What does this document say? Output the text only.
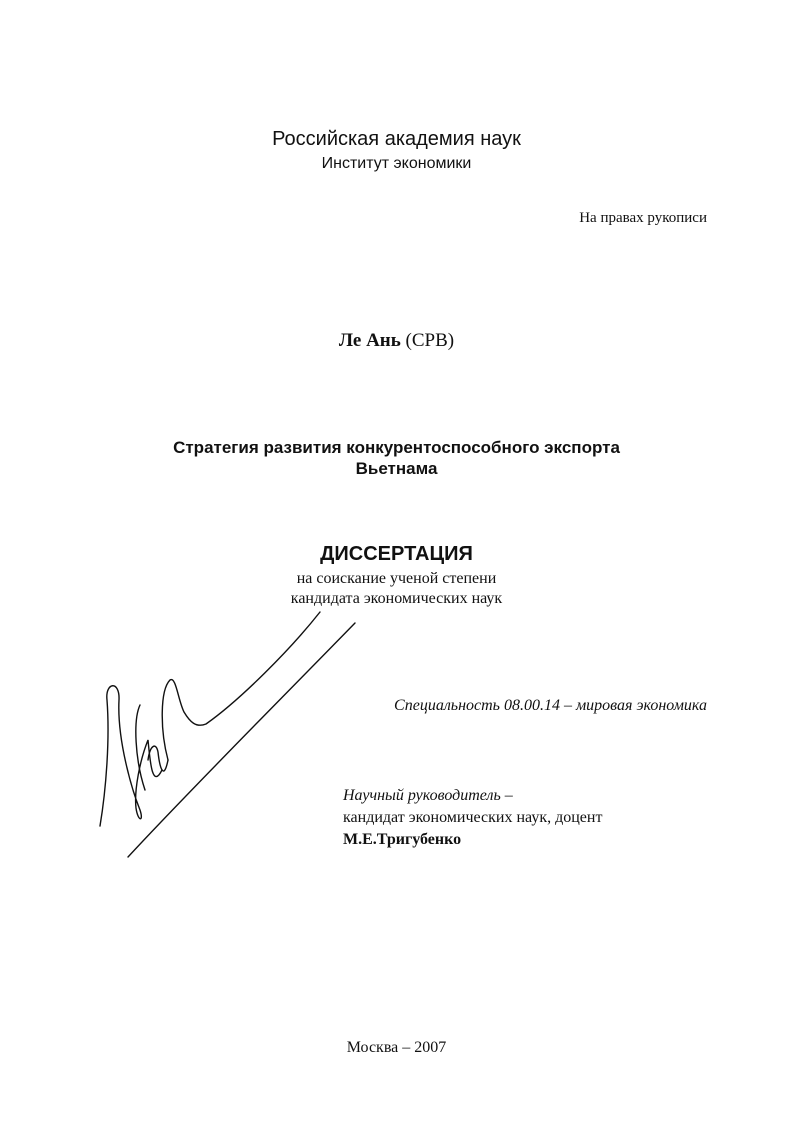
Российская академия наук
Институт экономики
На правах рукописи
Ле Ань (СРВ)
Стратегия развития конкурентоспособного экспорта
Вьетнама
ДИССЕРТАЦИЯ
на соискание ученой степени
кандидата экономических наук
Специальность 08.00.14 – мировая экономика
Научный руководитель –
кандидат экономических наук, доцент
М.Е.Тригубенко
Москва – 2007
